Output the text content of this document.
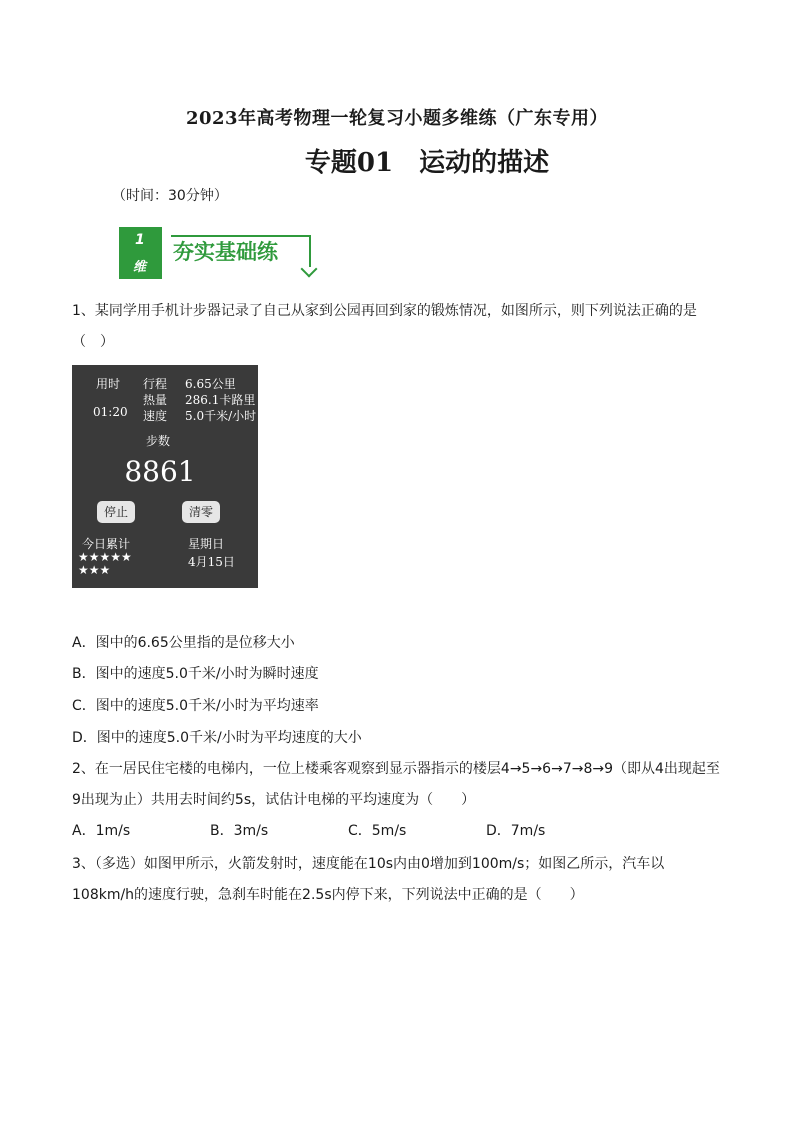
2023年高考物理一轮复习小题多维练（广东专用）
专题01　运动的描述
（时间：30分钟）
1
维
夯实基础练
1、某同学用手机计步器记录了自己从家到公园再回到家的锻炼情况，如图所示，则下列说法正确的是（　）
用时
01:20
行程 6.65公里
热量 286.1卡路里
速度 5.0千米/小时
步数
8861
停止	清零
今日累计
★★★★★
★★★
星期日
4月15日
A．图中的6.65公里指的是位移大小
B．图中的速度5.0千米/小时为瞬时速度
C．图中的速度5.0千米/小时为平均速率
D．图中的速度5.0千米/小时为平均速度的大小
2、在一居民住宅楼的电梯内，一位上楼乘客观察到显示器指示的楼层4→5→6→7→8→9（即从4出现起至9出现为止）共用去时间约5s，试估计电梯的平均速度为（　　）
A．1m/s	B．3m/s	C．5m/s	D．7m/s
3、（多选）如图甲所示，火箭发射时，速度能在10s内由0增加到100m/s；如图乙所示，汽车以108km/h的速度行驶，急刹车时能在2.5s内停下来，下列说法中正确的是（　　）
